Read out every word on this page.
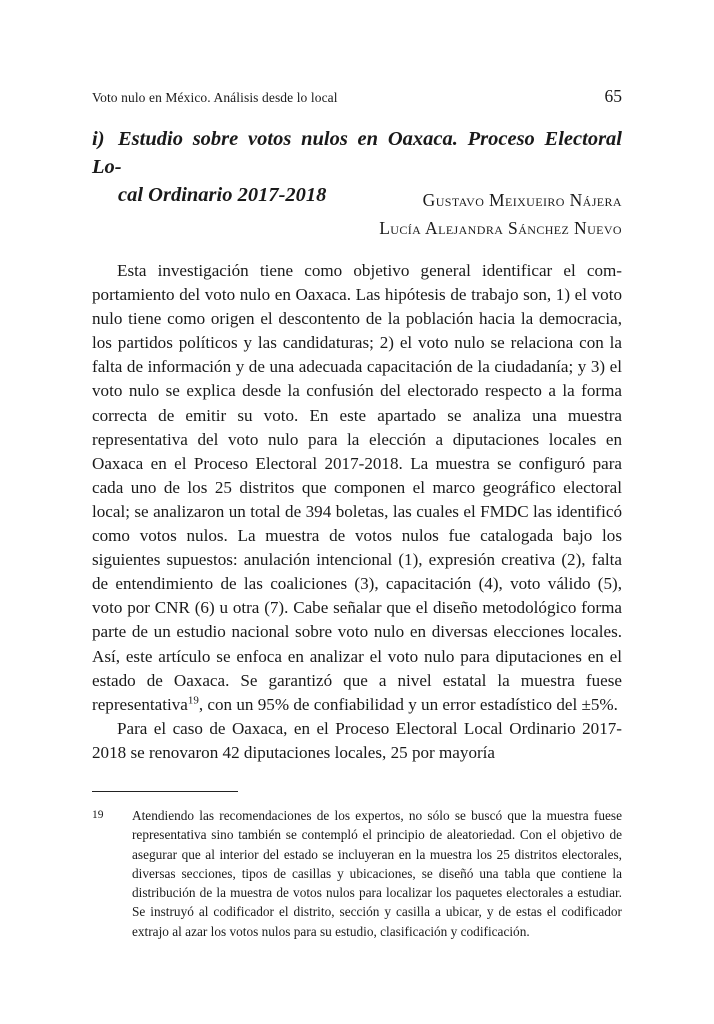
Voto nulo en México. Análisis desde lo local	65
i) Estudio sobre votos nulos en Oaxaca. Proceso Electoral Lo-
cal Ordinario 2017-2018	Gustavo Meixueiro Nájera
Lucía Alejandra Sánchez Nuevo

Esta investigación tiene como objetivo general identificar el comportamiento del voto nulo en Oaxaca. Las hipótesis de trabajo son, 1) el voto nulo tiene como origen el descontento de la población hacia la democracia, los partidos políticos y las candidaturas; 2) el voto nulo se relaciona con la falta de información y de una adecuada capacitación de la ciudadanía; y 3) el voto nulo se explica desde la confusión del electorado respecto a la forma correcta de emitir su voto. En este apartado se analiza una muestra representativa del voto nulo para la elección a diputaciones locales en Oaxaca en el Proceso Electoral 2017-2018. La muestra se configuró para cada uno de los 25 distritos que componen el marco geográfico electoral local; se analizaron un total de 394 boletas, las cuales el FMDC las identificó como votos nulos. La muestra de votos nulos fue catalogada bajo los siguientes supuestos: anulación intencional (1), expresión creativa (2), falta de entendimiento de las coaliciones (3), capacitación (4), voto válido (5), voto por CNR (6) u otra (7). Cabe señalar que el diseño metodológico forma parte de un estudio nacional sobre voto nulo en diversas elecciones locales. Así, este artículo se enfoca en analizar el voto nulo para diputaciones en el estado de Oaxaca. Se garantizó que a nivel estatal la muestra fuese representativa$^{19}$, con un 95% de confiabilidad y un error estadístico del ±5%.

Para el caso de Oaxaca, en el Proceso Electoral Local Ordinario 2017-2018 se renovaron 42 diputaciones locales, 25 por mayoría

19	Atendiendo las recomendaciones de los expertos, no sólo se buscó que la muestra fuese representativa sino también se contempló el principio de aleatoriedad. Con el objetivo de asegurar que al interior del estado se incluyeran en la muestra los 25 distritos electorales, diversas secciones, tipos de casillas y ubicaciones, se diseñó una tabla que contiene la distribución de la muestra de votos nulos para localizar los paquetes electorales a estudiar. Se instruyó al codificador el distrito, sección y casilla a ubicar, y de estas el codificador extrajo al azar los votos nulos para su estudio, clasificación y codificación.
